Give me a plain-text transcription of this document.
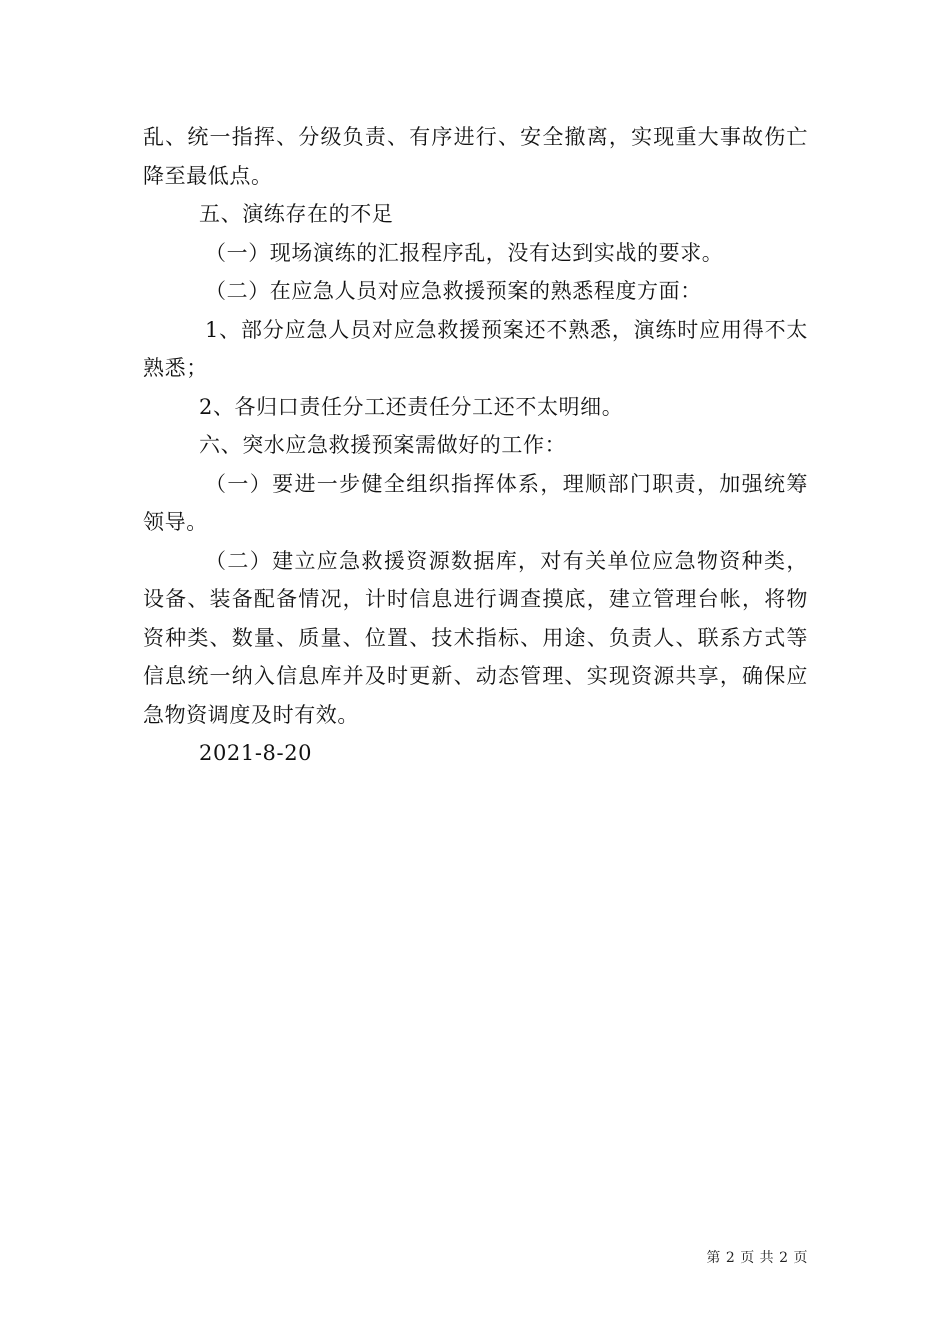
乱、统一指挥、分级负责、有序进行、安全撤离，实现重大事故伤亡降至最低点。

五、演练存在的不足

（一）现场演练的汇报程序乱，没有达到实战的要求。

（二）在应急人员对应急救援预案的熟悉程度方面：

1、部分应急人员对应急救援预案还不熟悉，演练时应用得不太熟悉；

2、各归口责任分工还责任分工还不太明细。

六、突水应急救援预案需做好的工作：

（一）要进一步健全组织指挥体系，理顺部门职责，加强统筹领导。

（二）建立应急救援资源数据库，对有关单位应急物资种类，设备、装备配备情况，计时信息进行调查摸底，建立管理台帐，将物资种类、数量、质量、位置、技术指标、用途、负责人、联系方式等信息统一纳入信息库并及时更新、动态管理、实现资源共享，确保应急物资调度及时有效。

2021-8-20

第 2 页 共 2 页
